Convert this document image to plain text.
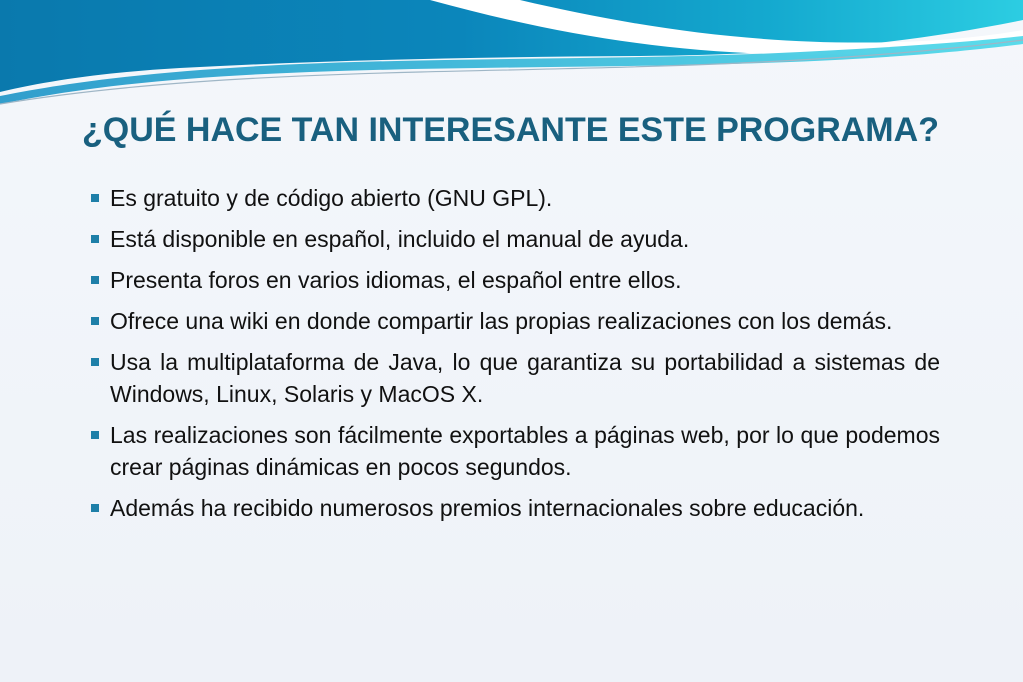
¿QUÉ HACE TAN INTERESANTE ESTE PROGRAMA?
Es gratuito y de código abierto (GNU GPL).
Está disponible en español, incluido el manual de ayuda.
Presenta foros en varios idiomas, el español entre ellos.
Ofrece una wiki en donde compartir las propias realizaciones con los demás.
Usa la multiplataforma de Java, lo que garantiza su portabilidad a sistemas de Windows, Linux, Solaris y MacOS X.
Las realizaciones son fácilmente exportables a páginas web, por lo que podemos crear páginas dinámicas en pocos segundos.
Además ha recibido numerosos premios internacionales sobre educación.
